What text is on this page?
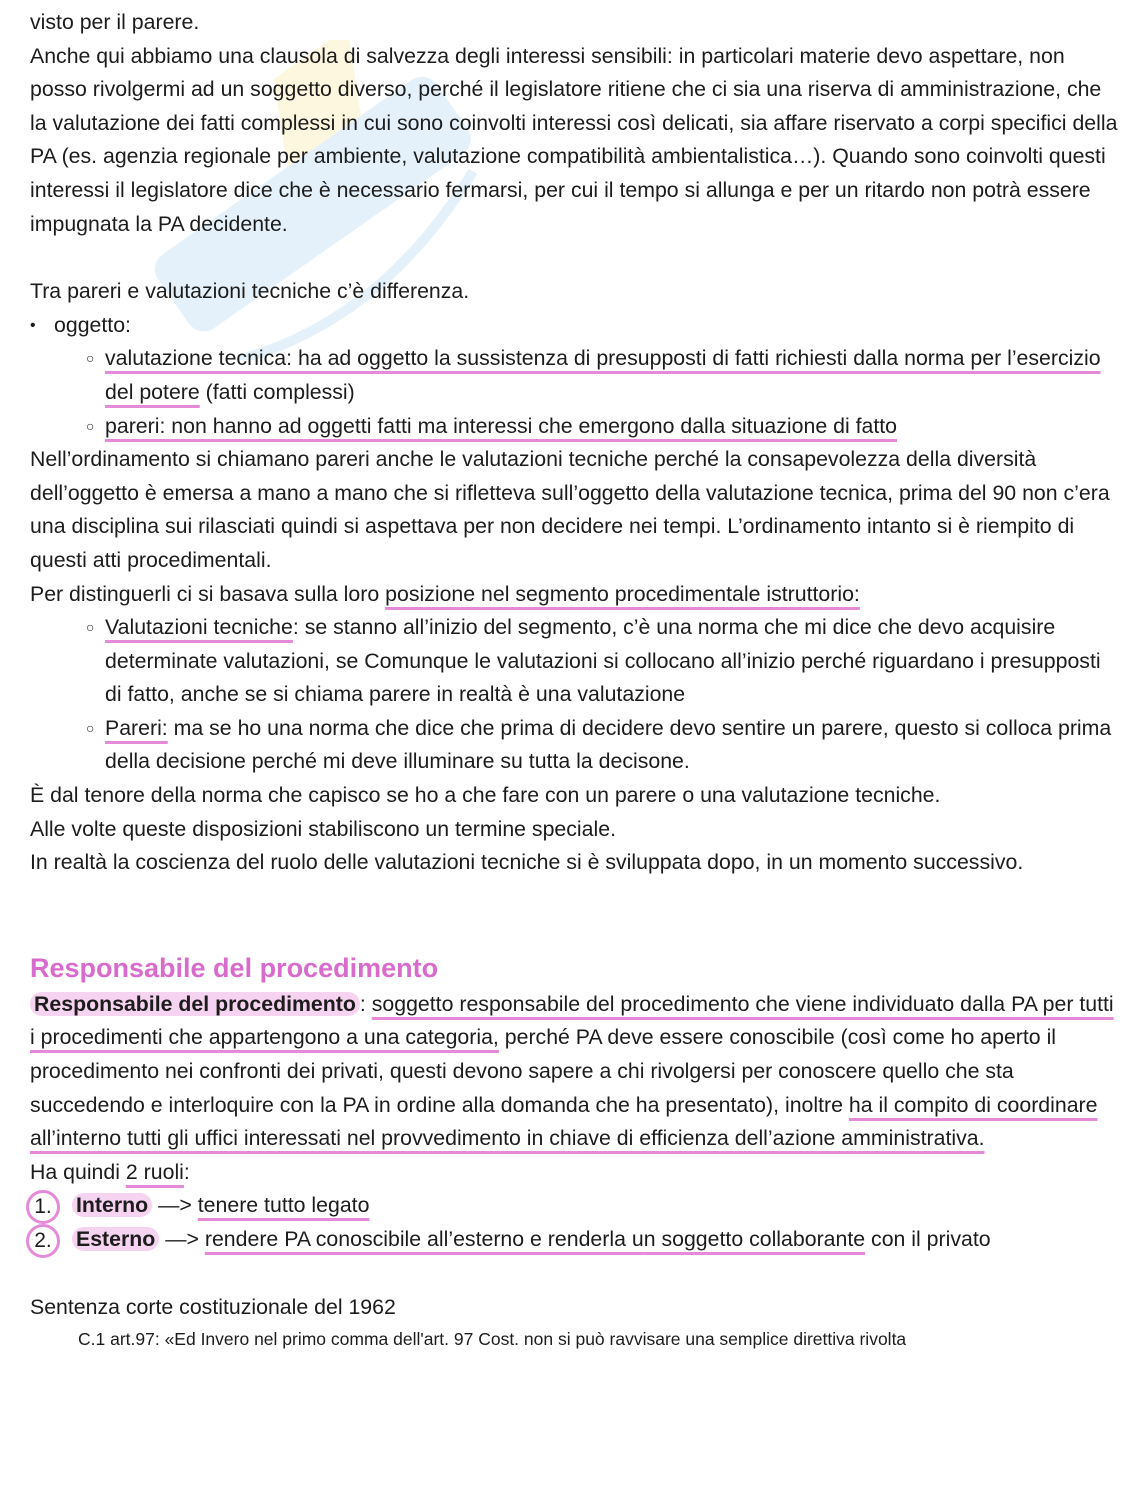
visto per il parere.

Anche qui abbiamo una clausola di salvezza degli interessi sensibili: in particolari materie devo aspettare, non posso rivolgermi ad un soggetto diverso, perché il legislatore ritiene che ci sia una riserva di amministrazione, che la valutazione dei fatti complessi in cui sono coinvolti interessi così delicati, sia affare riservato a corpi specifici della PA (es. agenzia regionale per ambiente, valutazione compatibilità ambientalistica…). Quando sono coinvolti questi interessi il legislatore dice che è necessario fermarsi, per cui il tempo si allunga e per un ritardo non potrà essere impugnata la PA decidente.

Tra pareri e valutazioni tecniche c’è differenza.

• oggetto:
○ valutazione tecnica: ha ad oggetto la sussistenza di presupposti di fatti richiesti dalla norma per l’esercizio del potere (fatti complessi)
○ pareri: non hanno ad oggetti fatti ma interessi che emergono dalla situazione di fatto

Nell’ordinamento si chiamano pareri anche le valutazioni tecniche perché la consapevolezza della diversità dell’oggetto è emersa a mano a mano che si rifletteva sull’oggetto della valutazione tecnica, prima del 90 non c’era una disciplina sui rilasciati quindi si aspettava per non decidere nei tempi. L’ordinamento intanto si è riempito di questi atti procedimentali.

Per distinguerli ci si basava sulla loro posizione nel segmento procedimentale istruttorio:

○ Valutazioni tecniche: se stanno all’inizio del segmento, c’è una norma che mi dice che devo acquisire determinate valutazioni, se Comunque le valutazioni si collocano all’inizio perché riguardano i presupposti di fatto, anche se si chiama parere in realtà è una valutazione
○ Pareri: ma se ho una norma che dice che prima di decidere devo sentire un parere, questo si colloca prima della decisione perché mi deve illuminare su tutta la decisone.

È dal tenore della norma che capisco se ho a che fare con un parere o una valutazione tecniche.

Alle volte queste disposizioni stabiliscono un termine speciale.

In realtà la coscienza del ruolo delle valutazioni tecniche si è sviluppata dopo, in un momento successivo.

Responsabile del procedimento

Responsabile del procedimento : soggetto responsabile del procedimento che viene individuato dalla PA per tutti i procedimenti che appartengono a una categoria, perché PA deve essere conoscibile (così come ho aperto il procedimento nei confronti dei privati, questi devono sapere a chi rivolgersi per conoscere quello che sta succedendo e interloquire con la PA in ordine alla domanda che ha presentato), inoltre ha il compito di coordinare all’interno tutti gli uffici interessati nel provvedimento in chiave di efficienza dell’azione amministrativa.

Ha quindi 2 ruoli:

1.	Interno —> tenere tutto legato
2.	Esterno —> rendere PA conoscibile all’esterno e renderla un soggetto collaborante con il privato

Sentenza corte costituzionale del 1962

C.1 art.97: «Ed Invero nel primo comma dell'art. 97 Cost. non si può ravvisare una semplice direttiva rivolta
